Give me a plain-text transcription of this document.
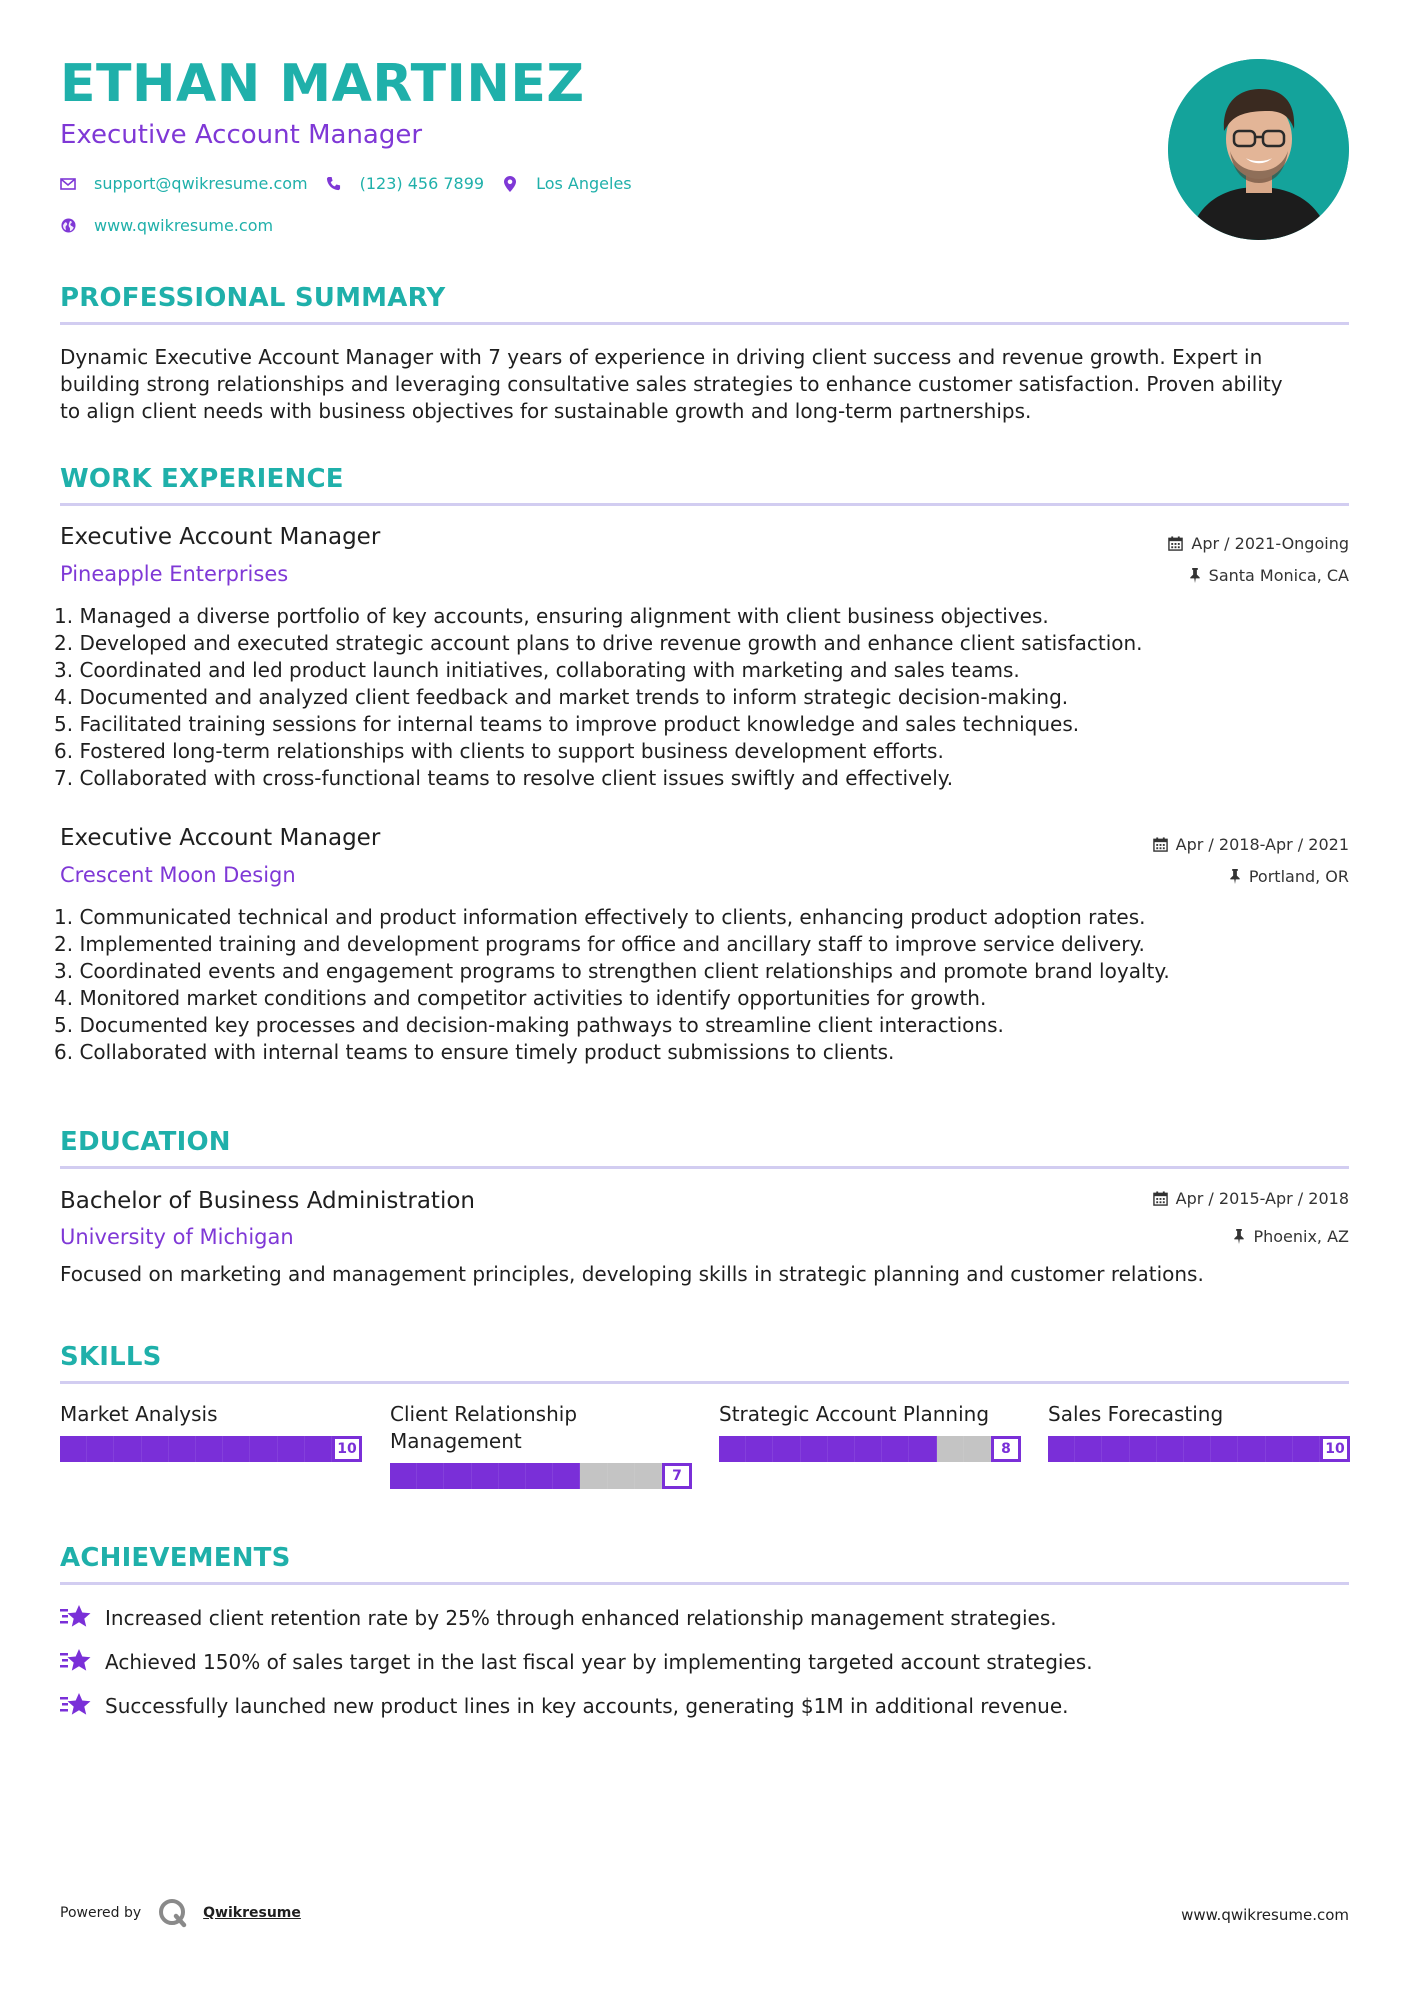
ETHAN MARTINEZ
Executive Account Manager
support@qwikresume.com	(123) 456 7899	Los Angeles
www.qwikresume.com
PROFESSIONAL SUMMARY
Dynamic Executive Account Manager with 7 years of experience in driving client success and revenue growth. Expert in
building strong relationships and leveraging consultative sales strategies to enhance customer satisfaction. Proven ability
to align client needs with business objectives for sustainable growth and long-term partnerships.
WORK EXPERIENCE
Executive Account Manager	Apr / 2021-Ongoing
Pineapple Enterprises	Santa Monica, CA
1. Managed a diverse portfolio of key accounts, ensuring alignment with client business objectives.
2. Developed and executed strategic account plans to drive revenue growth and enhance client satisfaction.
3. Coordinated and led product launch initiatives, collaborating with marketing and sales teams.
4. Documented and analyzed client feedback and market trends to inform strategic decision-making.
5. Facilitated training sessions for internal teams to improve product knowledge and sales techniques.
6. Fostered long-term relationships with clients to support business development efforts.
7. Collaborated with cross-functional teams to resolve client issues swiftly and effectively.
Executive Account Manager	Apr / 2018-Apr / 2021
Crescent Moon Design	Portland, OR
1. Communicated technical and product information effectively to clients, enhancing product adoption rates.
2. Implemented training and development programs for office and ancillary staff to improve service delivery.
3. Coordinated events and engagement programs to strengthen client relationships and promote brand loyalty.
4. Monitored market conditions and competitor activities to identify opportunities for growth.
5. Documented key processes and decision-making pathways to streamline client interactions.
6. Collaborated with internal teams to ensure timely product submissions to clients.
EDUCATION
Bachelor of Business Administration	Apr / 2015-Apr / 2018
University of Michigan	Phoenix, AZ
Focused on marketing and management principles, developing skills in strategic planning and customer relations.
SKILLS
Market Analysis
10
Client Relationship Management
7
Strategic Account Planning
8
Sales Forecasting
10
ACHIEVEMENTS
Increased client retention rate by 25% through enhanced relationship management strategies.
Achieved 150% of sales target in the last fiscal year by implementing targeted account strategies.
Successfully launched new product lines in key accounts, generating $1M in additional revenue.
Powered by	Qwikresume	www.qwikresume.com
